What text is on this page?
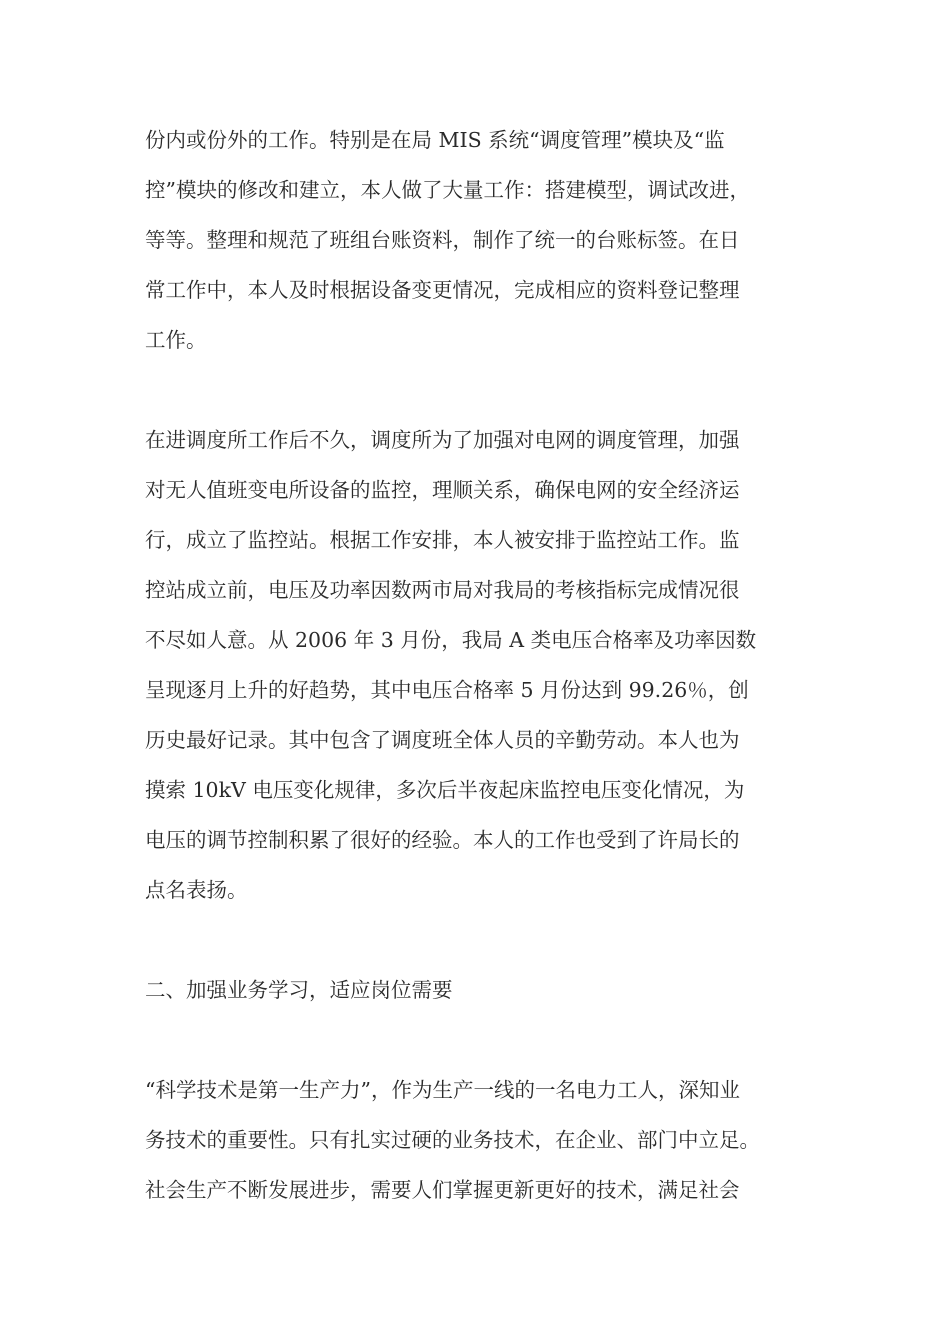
份内或份外的工作。特别是在局 MIS 系统“调度管理”模块及“监
控”模块的修改和建立，本人做了大量工作：搭建模型，调试改进，
等等。整理和规范了班组台账资料，制作了统一的台账标签。在日
常工作中，本人及时根据设备变更情况，完成相应的资料登记整理
工作。
在进调度所工作后不久，调度所为了加强对电网的调度管理，加强
对无人值班变电所设备的监控，理顺关系，确保电网的安全经济运
行，成立了监控站。根据工作安排，本人被安排于监控站工作。监
控站成立前，电压及功率因数两市局对我局的考核指标完成情况很
不尽如人意。从 2006 年 3 月份，我局 A 类电压合格率及功率因数
呈现逐月上升的好趋势，其中电压合格率 5 月份达到 99.26％，创
历史最好记录。其中包含了调度班全体人员的辛勤劳动。本人也为
摸索 10kV 电压变化规律，多次后半夜起床监控电压变化情况，为
电压的调节控制积累了很好的经验。本人的工作也受到了许局长的
点名表扬。
二、加强业务学习，适应岗位需要
“科学技术是第一生产力”，作为生产一线的一名电力工人，深知业
务技术的重要性。只有扎实过硬的业务技术，在企业、部门中立足。
社会生产不断发展进步，需要人们掌握更新更好的技术，满足社会
